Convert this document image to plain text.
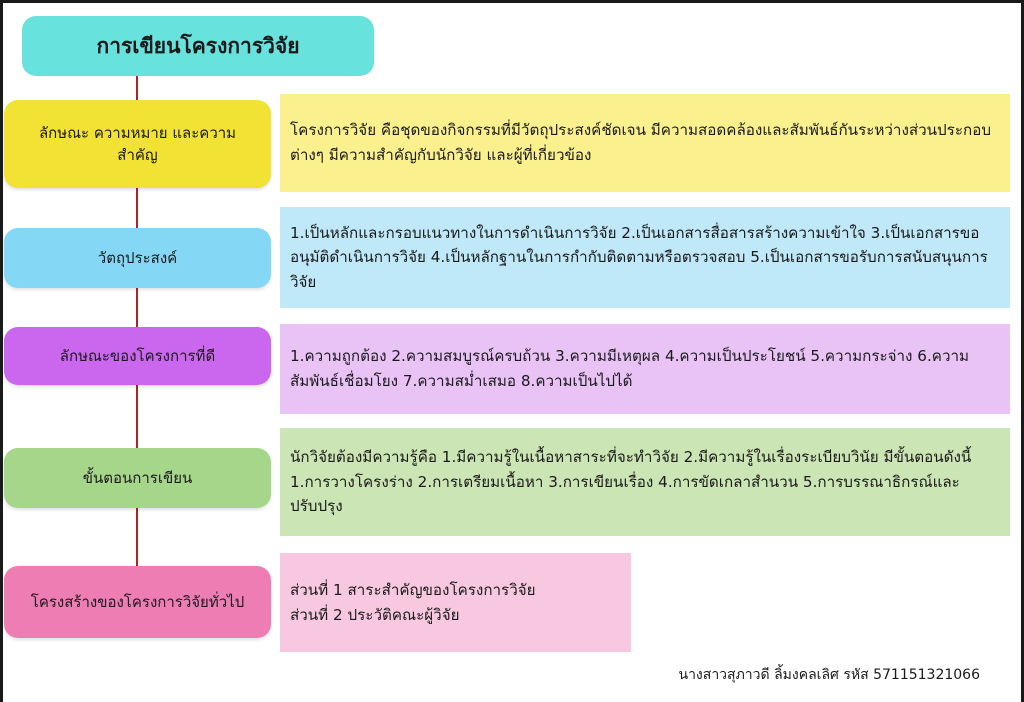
การเขียนโครงการวิจัย
ลักษณะ ความหมาย และความสำคัญ
โครงการวิจัย คือชุดของกิจกรรมที่มีวัตถุประสงค์ชัดเจน มีความสอดคล้องและสัมพันธ์กันระหว่างส่วนประกอบต่างๆ มีความสำคัญกับนักวิจัย และผู้ที่เกี่ยวข้อง
วัตถุประสงค์
1.เป็นหลักและกรอบแนวทางในการดำเนินการวิจัย 2.เป็นเอกสารสื่อสารสร้างความเข้าใจ 3.เป็นเอกสารขออนุมัติดำเนินการวิจัย 4.เป็นหลักฐานในการกำกับติดตามหรือตรวจสอบ 5.เป็นเอกสารขอรับการสนับสนุนการวิจัย
ลักษณะของโครงการที่ดี	1.ความถูกต้อง 2.ความสมบูรณ์ครบถ้วน 3.ความมีเหตุผล 4.ความเป็นประโยชน์ 5.ความกระจ่าง 6.ความสัมพันธ์เชื่อมโยง 7.ความสม่ำเสมอ 8.ความเป็นไปได้
ขั้นตอนการเขียน
นักวิจัยต้องมีความรู้คือ 1.มีความรู้ในเนื้อหาสาระที่จะทำวิจัย 2.มีความรู้ในเรื่องระเบียบวินัย มีขั้นตอนดังนี้ 1.การวางโครงร่าง 2.การเตรียมเนื้อหา 3.การเขียนเรื่อง 4.การขัดเกลาสำนวน 5.การบรรณาธิกรณ์และปรับปรุง
โครงสร้างของโครงการวิจัยทั่วไป
ส่วนที่ 1 สาระสำคัญของโครงการวิจัย
ส่วนที่ 2 ประวัติคณะผู้วิจัย
นางสาวสุภาวดี ลิ้มงคลเลิศ รหัส 571151321066
